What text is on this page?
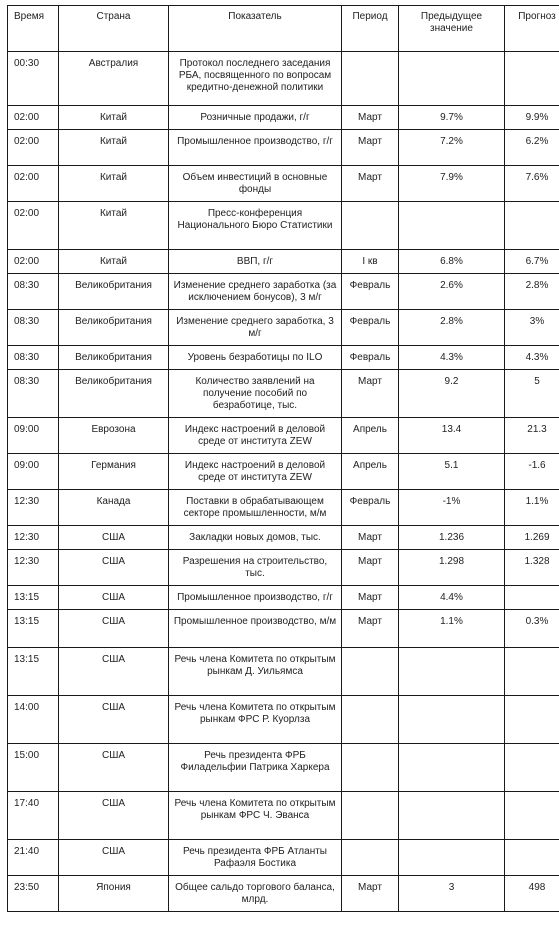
Время	Страна	Показатель	Период	Предыдущее значение	Прогноз
00:30	Австралия	Протокол последнего заседания РБА, посвященного по вопросам кредитно-денежной политики			
02:00	Китай	Розничные продажи, г/г	Март	9.7%	9.9%
02:00	Китай	Промышленное производство, г/г	Март	7.2%	6.2%
02:00	Китай	Объем инвестиций в основные фонды	Март	7.9%	7.6%
02:00	Китай	Пресс-конференция Национального Бюро Статистики			
02:00	Китай	ВВП, г/г	I кв	6.8%	6.7%
08:30	Великобритания	Изменение среднего заработка (за исключением бонусов), 3 м/г	Февраль	2.6%	2.8%
08:30	Великобритания	Изменение среднего заработка, 3 м/г	Февраль	2.8%	3%
08:30	Великобритания	Уровень безработицы по ILO	Февраль	4.3%	4.3%
08:30	Великобритания	Количество заявлений на получение пособий по безработице, тыс.	Март	9.2	5
09:00	Еврозона	Индекс настроений в деловой среде от института ZEW	Апрель	13.4	21.3
09:00	Германия	Индекс настроений в деловой среде от института ZEW	Апрель	5.1	-1.6
12:30	Канада	Поставки в обрабатывающем секторе промышленности, м/м	Февраль	-1%	1.1%
12:30	США	Закладки новых домов, тыс.	Март	1.236	1.269
12:30	США	Разрешения на строительство, тыс.	Март	1.298	1.328
13:15	США	Промышленное производство, г/г	Март	4.4%	
13:15	США	Промышленное производство, м/м	Март	1.1%	0.3%
13:15	США	Речь члена Комитета по открытым рынкам Д. Уильямса			
14:00	США	Речь члена Комитета по открытым рынкам ФРС Р. Куорлза			
15:00	США	Речь президента ФРБ Филадельфии Патрика Харкера			
17:40	США	Речь члена Комитета по открытым рынкам ФРС Ч. Эванса			
21:40	США	Речь президента ФРБ Атланты Рафаэля Бостика			
23:50	Япония	Общее сальдо торгового баланса, млрд.	Март	3	498
